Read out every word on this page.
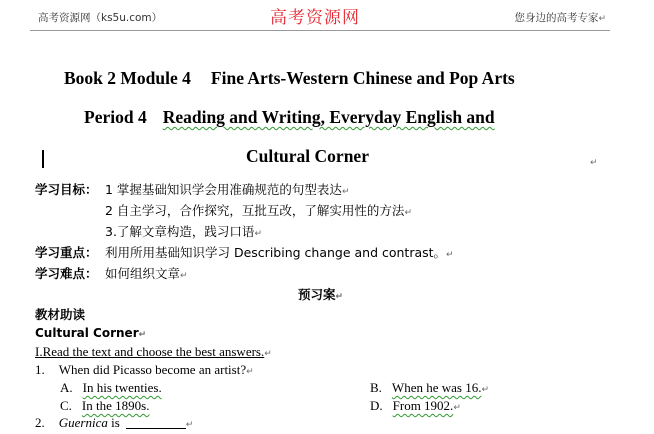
高考资源网（ks5u.com）	高考资源网	您身边的高考专家↵
Book 2 Module 4 Fine Arts-Western Chinese and Pop Arts
Period 4 Reading and Writing, Everyday English and
Cultural Corner	↵
学习目标： 1 掌握基础知识学会用准确规范的句型表达↵
2 自主学习，合作探究，互批互改，了解实用性的方法↵
3.了解文章构造，践习口语↵
学习重点： 利用所用基础知识学习 Describing change and contrast。↵
学习难点： 如何组织文章↵
预习案↵
教材助读
Cultural Corner↵
I.Read the text and choose the best answers.↵
1. When did Picasso become an artist?↵
A. In his twenties.	B. When he was 16.↵
C. In the 1890s.	D. From 1902.↵
2. Guernica is	↵
